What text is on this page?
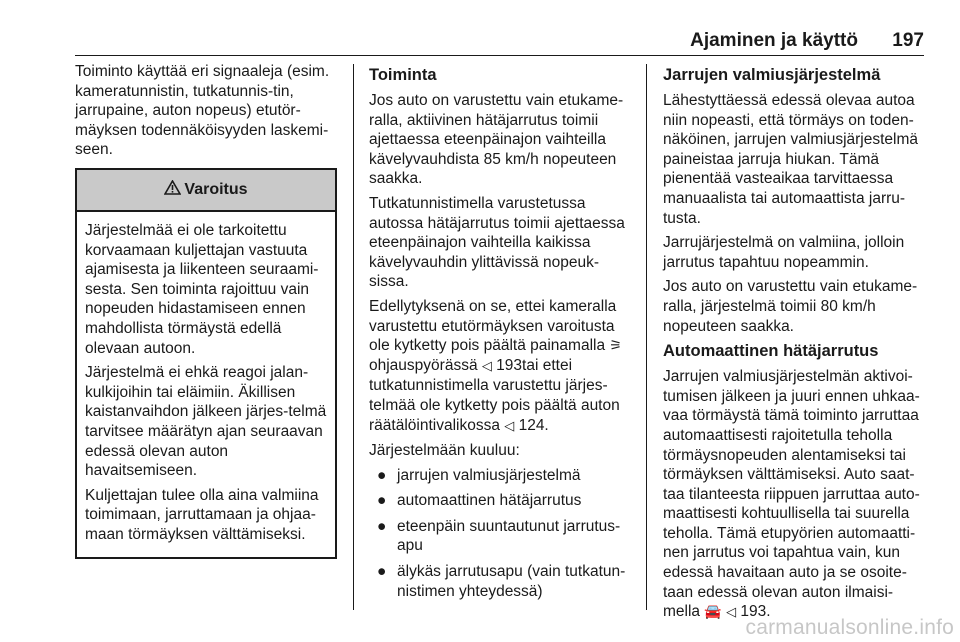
Ajaminen ja käyttö 197

Toiminto käyttää eri signaaleja (esim. kameratunnistin, tutkatunnis-tin, jarrupaine, auton nopeus) etutör-mäyksen todennäköisyyden laskemi-seen.

Varoitus

Järjestelmää ei ole tarkoitettu korvaamaan kuljettajan vastuuta ajamisesta ja liikenteen seuraami-sesta. Sen toiminta rajoittuu vain nopeuden hidastamiseen ennen mahdollista törmäystä edellä olevaan autoon.

Järjestelmä ei ehkä reagoi jalan-kulkijoihin tai eläimiin. Äkillisen kaistanvaihdon jälkeen järjes-telmä tarvitsee määrätyn ajan seuraavan edessä olevan auton havaitsemiseen.

Kuljettajan tulee olla aina valmiina toimimaan, jarruttamaan ja ohjaa-maan törmäyksen välttämiseksi.

Toiminta

Jos auto on varustettu vain etukame-ralla, aktiivinen hätäjarrutus toimii ajettaessa eteenpäinajon vaihteilla kävelyvauhdista 85 km/h nopeuteen saakka.

Tutkatunnistimella varustetussa autossa hätäjarrutus toimii ajettaessa eteenpäinajon vaihteilla kaikissa kävelyvauhdin ylittävissä nopeuk-sissa.

Edellytyksenä on se, ettei kameralla varustettu etutörmäyksen varoitusta ole kytketty pois päältä painamalla ⚞ ohjauspyörässä ◁ 193tai ettei tutkatunnistimella varustettu järjes-telmää ole kytketty pois päältä auton räätälöintivalikossa ◁ 124.

Järjestelmään kuuluu:

● jarrujen valmiusjärjestelmä
● automaattinen hätäjarrutus
● eteenpäin suuntautunut jarrutus-apu
● älykäs jarrutusapu (vain tutkatun-nistimen yhteydessä)
Jarrujen valmiusjärjestelmä

Lähestyttäessä edessä olevaa autoa niin nopeasti, että törmäys on toden-näköinen, jarrujen valmiusjärjestelmä paineistaa jarruja hiukan. Tämä pienentää vasteaikaa tarvittaessa manuaalista tai automaattista jarru-tusta.

Jarrujärjestelmä on valmiina, jolloin jarrutus tapahtuu nopeammin.

Jos auto on varustettu vain etukame-ralla, järjestelmä toimii 80 km/h nopeuteen saakka.

Automaattinen hätäjarrutus

Jarrujen valmiusjärjestelmän aktivoi-tumisen jälkeen ja juuri ennen uhkaa-vaa törmäystä tämä toiminto jarruttaa automaattisesti rajoitetulla teholla törmäysnopeuden alentamiseksi tai törmäyksen välttämiseksi. Auto saat-taa tilanteesta riippuen jarruttaa auto-maattisesti kohtuullisella tai suurella teholla. Tämä etupyörien automaatti-nen jarrutus voi tapahtua vain, kun edessä havaitaan auto ja se osoite-taan edessä olevan auton ilmaisi-mella 🚘 ◁ 193.

carmanualsonline.info
